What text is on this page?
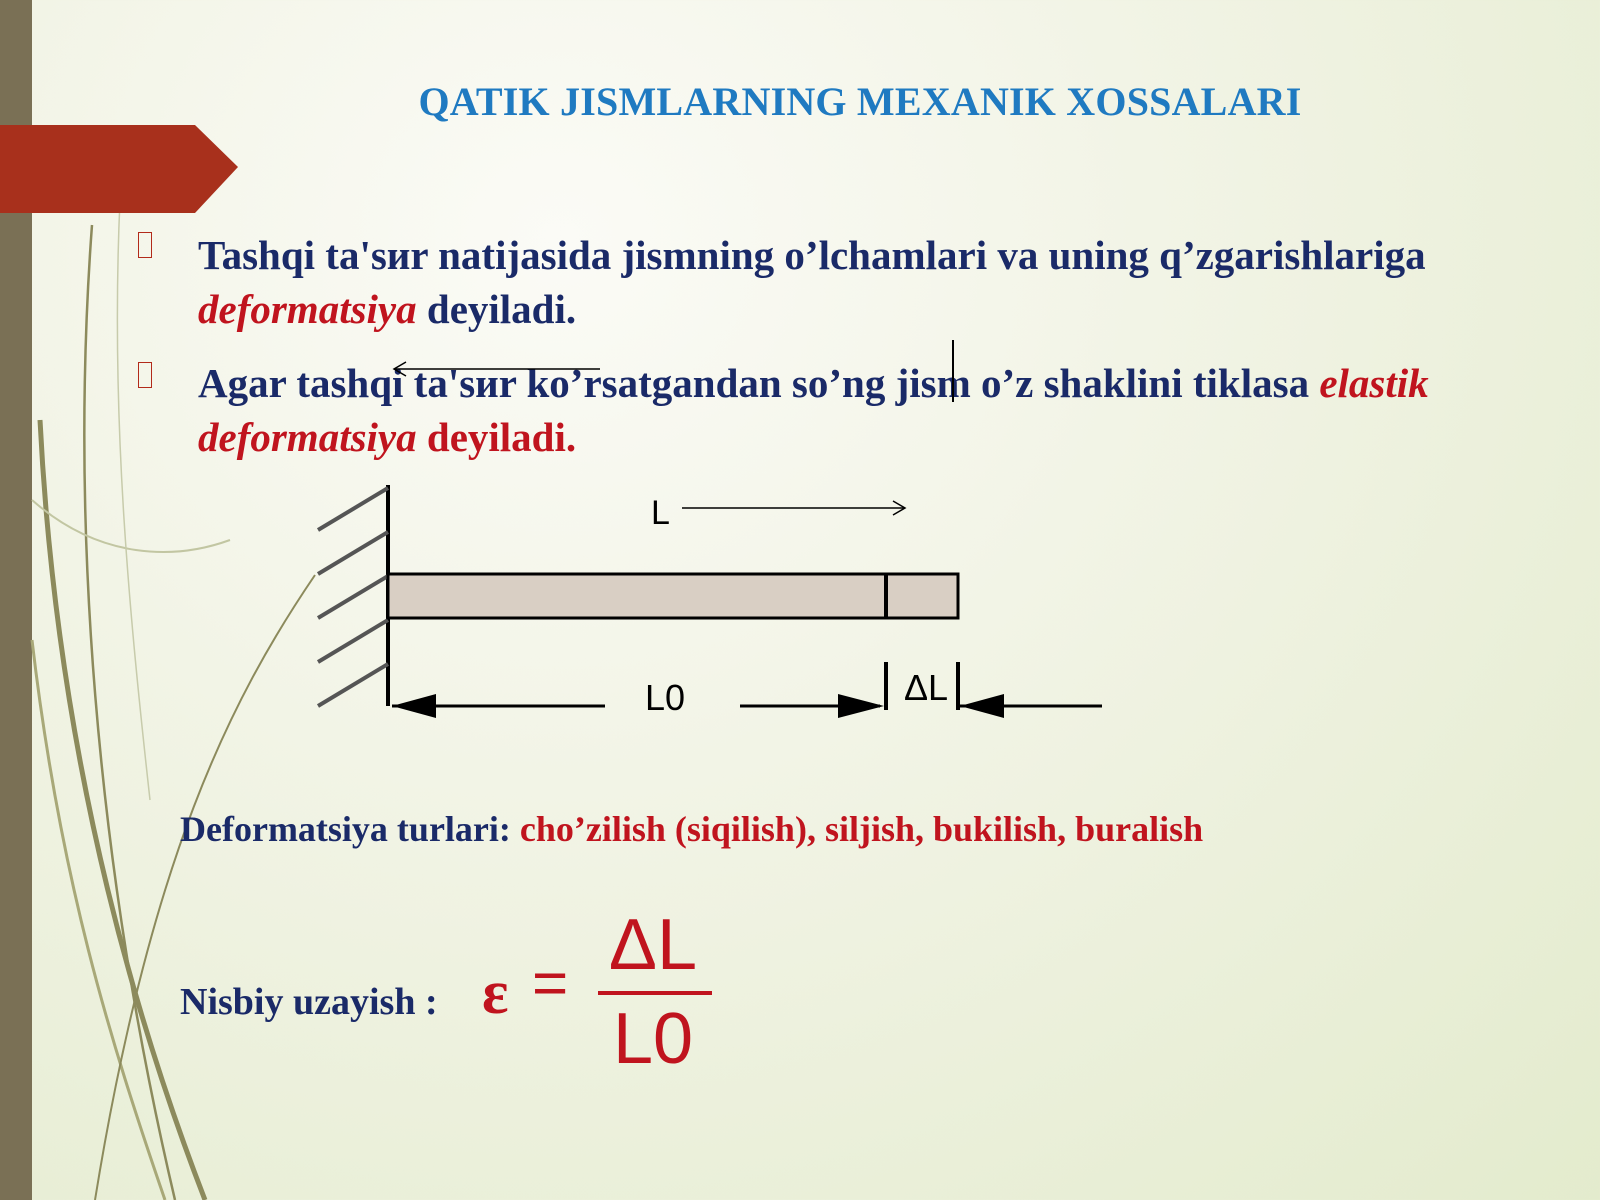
QATIK JISMLARNING MEXANIK XOSSALARI
Tashqi ta'sиr natijasida jismning o’lchamlari va uning q’zgarishlariga deformatsiya deyiladi.
Agar tashqi ta'sиr ko’rsatgandan so’ng jism o’z shaklini tiklasa elastik deformatsiya deyiladi.
L
L0	ΔL
Deformatsiya turlari: cho’zilish (siqilish), siljish, bukilish, buralish
Nisbiy uzayish : ε = ΔL
L0
